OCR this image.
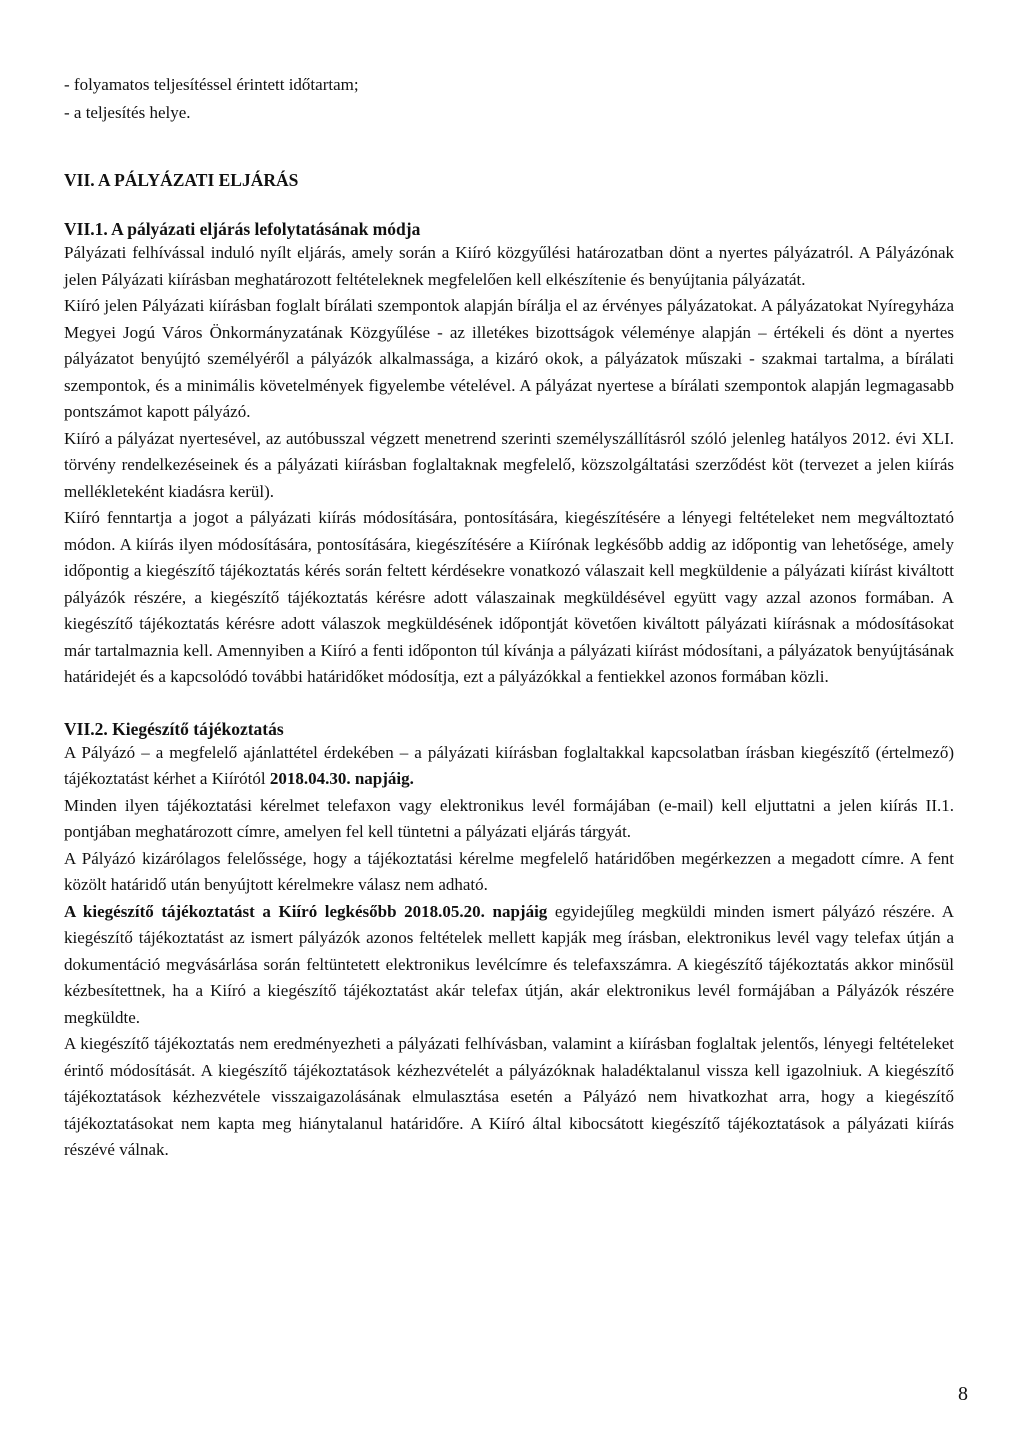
- folyamatos teljesítéssel érintett időtartam;

- a teljesítés helye.

VII. A PÁLYÁZATI ELJÁRÁS

VII.1. A pályázati eljárás lefolytatásának módja

Pályázati felhívással induló nyílt eljárás, amely során a Kiíró közgyűlési határozatban dönt a nyertes pályázatról. A Pályázónak jelen Pályázati kiírásban meghatározott feltételeknek megfelelően kell elkészítenie és benyújtania pályázatát.

Kiíró jelen Pályázati kiírásban foglalt bírálati szempontok alapján bírálja el az érvényes pályázatokat. A pályázatokat Nyíregyháza Megyei Jogú Város Önkormányzatának Közgyűlése - az illetékes bizottságok véleménye alapján – értékeli és dönt a nyertes pályázatot benyújtó személyéről a pályázók alkalmassága, a kizáró okok, a pályázatok műszaki - szakmai tartalma, a bírálati szempontok, és a minimális követelmények figyelembe vételével. A pályázat nyertese a bírálati szempontok alapján legmagasabb pontszámot kapott pályázó.

Kiíró a pályázat nyertesével, az autóbusszal végzett menetrend szerinti személyszállításról szóló jelenleg hatályos 2012. évi XLI. törvény rendelkezéseinek és a pályázati kiírásban foglaltaknak megfelelő, közszolgáltatási szerződést köt (tervezet a jelen kiírás mellékleteként kiadásra kerül).

Kiíró fenntartja a jogot a pályázati kiírás módosítására, pontosítására, kiegészítésére a lényegi feltételeket nem megváltoztató módon. A kiírás ilyen módosítására, pontosítására, kiegészítésére a Kiírónak legkésőbb addig az időpontig van lehetősége, amely időpontig a kiegészítő tájékoztatás kérés során feltett kérdésekre vonatkozó válaszait kell megküldenie a pályázati kiírást kiváltott pályázók részére, a kiegészítő tájékoztatás kérésre adott válaszainak megküldésével együtt vagy azzal azonos formában. A kiegészítő tájékoztatás kérésre adott válaszok megküldésének időpontját követően kiváltott pályázati kiírásnak a módosításokat már tartalmaznia kell. Amennyiben a Kiíró a fenti időponton túl kívánja a pályázati kiírást módosítani, a pályázatok benyújtásának határidejét és a kapcsolódó további határidőket módosítja, ezt a pályázókkal a fentiekkel azonos formában közli.

VII.2. Kiegészítő tájékoztatás

A Pályázó – a megfelelő ajánlattétel érdekében – a pályázati kiírásban foglaltakkal kapcsolatban írásban kiegészítő (értelmező) tájékoztatást kérhet a Kiírótól 2018.04.30. napjáig.

Minden ilyen tájékoztatási kérelmet telefaxon vagy elektronikus levél formájában (e-mail) kell eljuttatni a jelen kiírás II.1. pontjában meghatározott címre, amelyen fel kell tüntetni a pályázati eljárás tárgyát.

A Pályázó kizárólagos felelőssége, hogy a tájékoztatási kérelme megfelelő határidőben megérkezzen a megadott címre. A fent közölt határidő után benyújtott kérelmekre válasz nem adható.

A kiegészítő tájékoztatást a Kiíró legkésőbb 2018.05.20. napjáig egyidejűleg megküldi minden ismert pályázó részére. A kiegészítő tájékoztatást az ismert pályázók azonos feltételek mellett kapják meg írásban, elektronikus levél vagy telefax útján a dokumentáció megvásárlása során feltüntetett elektronikus levélcímre és telefaxszámra. A kiegészítő tájékoztatás akkor minősül kézbesítettnek, ha a Kiíró a kiegészítő tájékoztatást akár telefax útján, akár elektronikus levél formájában a Pályázók részére megküldte.

A kiegészítő tájékoztatás nem eredményezheti a pályázati felhívásban, valamint a kiírásban foglaltak jelentős, lényegi feltételeket érintő módosítását. A kiegészítő tájékoztatások kézhezvételét a pályázóknak haladéktalanul vissza kell igazolniuk. A kiegészítő tájékoztatások kézhezvétele visszaigazolásának elmulasztása esetén a Pályázó nem hivatkozhat arra, hogy a kiegészítő tájékoztatásokat nem kapta meg hiánytalanul határidőre. A Kiíró által kibocsátott kiegészítő tájékoztatások a pályázati kiírás részévé válnak.

8
